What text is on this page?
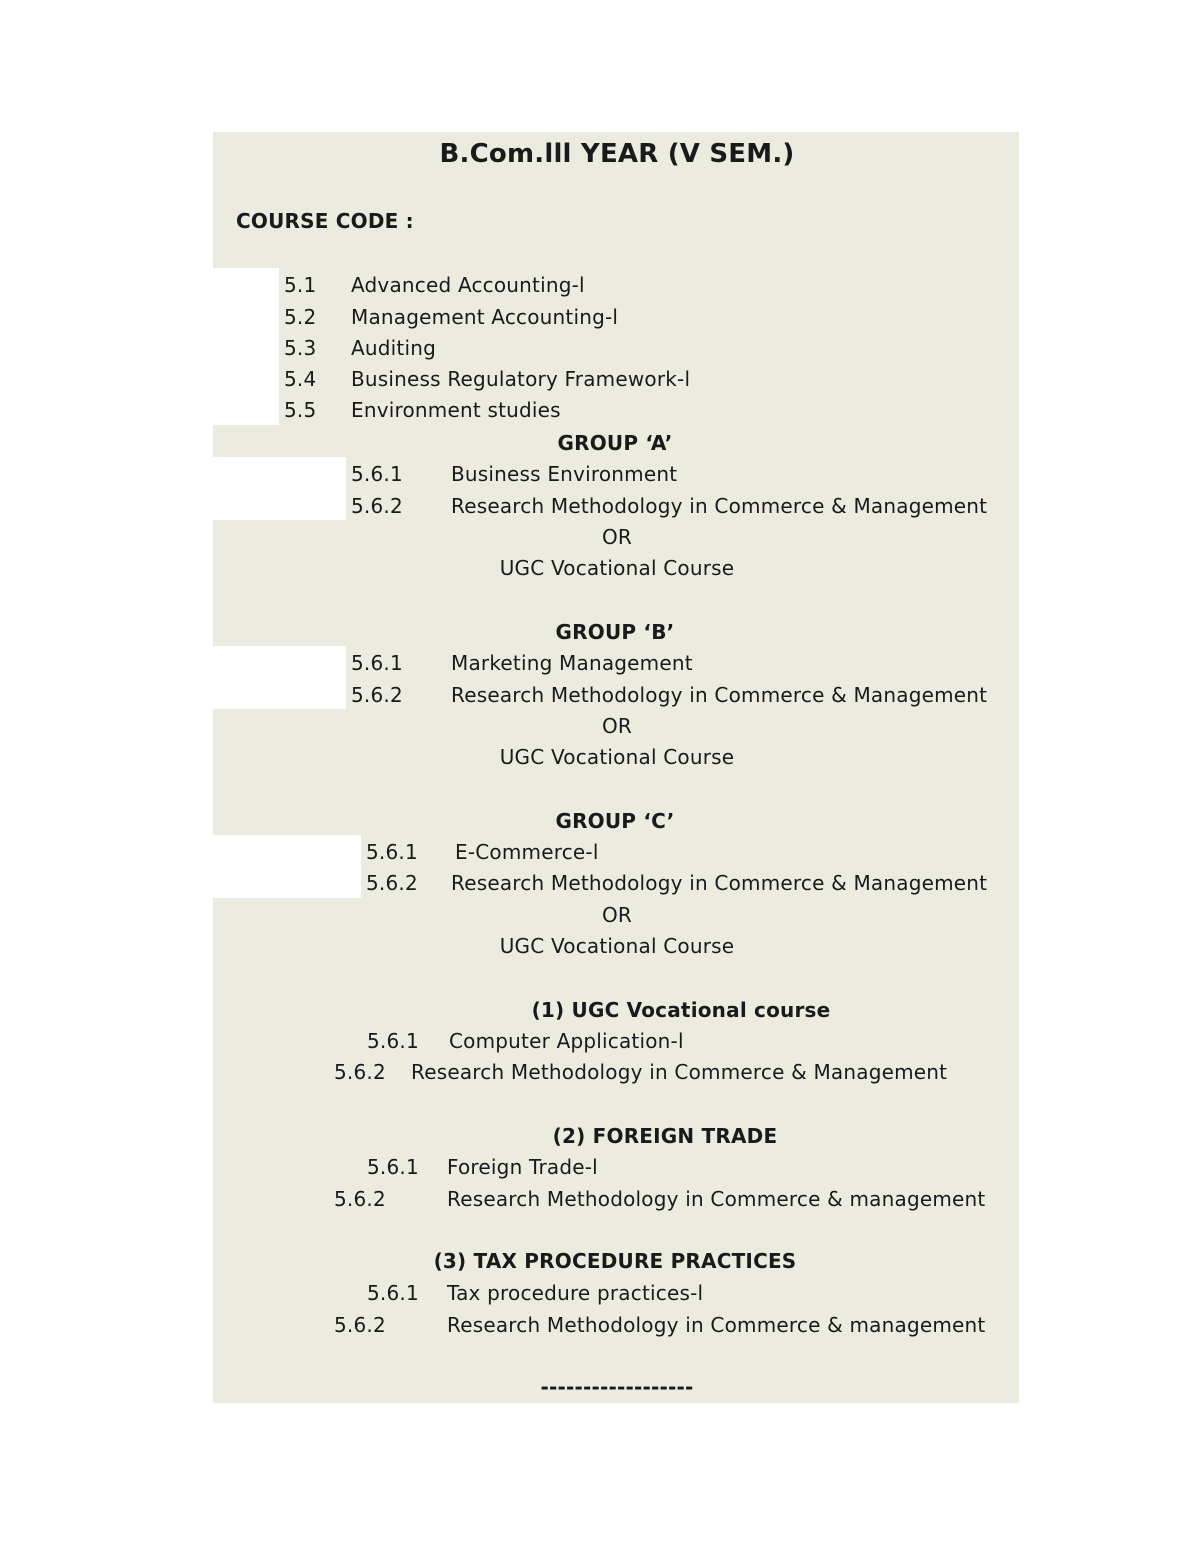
B.Com.lll YEAR (V SEM.)
COURSE CODE :
5.1 Advanced Accounting-l
5.2 Management Accounting-l
5.3 Auditing
5.4 Business Regulatory Framework-l
5.5 Environment studies
GROUP ‘A’
5.6.1 Business Environment
5.6.2 Research Methodology in Commerce & Management
OR
UGC Vocational Course
GROUP ‘B’
5.6.1 Marketing Management
5.6.2 Research Methodology in Commerce & Management
OR
UGC Vocational Course
GROUP ‘C’
5.6.1 E-Commerce-l
5.6.2 Research Methodology in Commerce & Management
OR
UGC Vocational Course
(1) UGC Vocational course
5.6.1 Computer Application-l
5.6.2 Research Methodology in Commerce & Management
(2) FOREIGN TRADE
5.6.1 Foreign Trade-l
5.6.2	Research Methodology in Commerce & management
(3) TAX PROCEDURE PRACTICES
5.6.1 Tax procedure practices-l
5.6.2	Research Methodology in Commerce & management
------------------
